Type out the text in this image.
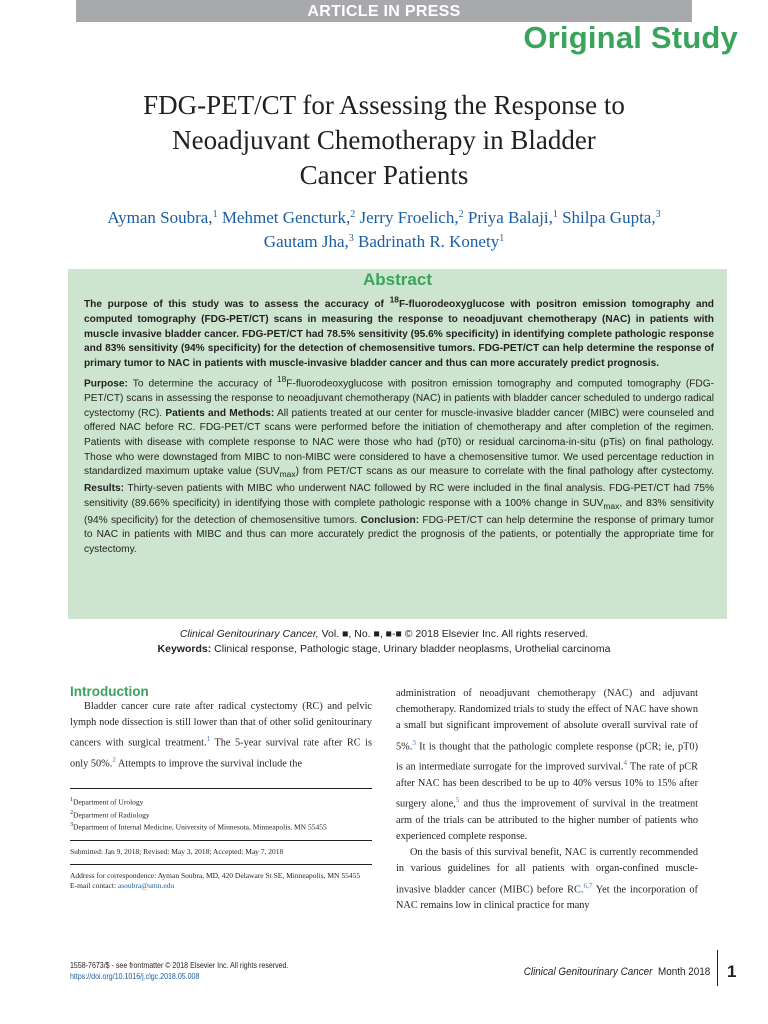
ARTICLE IN PRESS
Original Study
FDG-PET/CT for Assessing the Response to
Neoadjuvant Chemotherapy in Bladder
Cancer Patients
Ayman Soubra,$^1$ Mehmet Gencturk,$^2$ Jerry Froelich,$^2$ Priya Balaji,$^1$ Shilpa Gupta,$^3$
Gautam Jha,$^3$ Badrinath R. Konety$^1$
Abstract
The purpose of this study was to assess the accuracy of $^{18}$F-fluorodeoxyglucose with positron emission tomography and computed tomography (FDG-PET/CT) scans in measuring the response to neoadjuvant chemotherapy (NAC) in patients with muscle invasive bladder cancer. FDG-PET/CT had 78.5% sensitivity (95.6% specificity) in identifying complete pathologic response and 83% sensitivity (94% specificity) for the detection of chemosensitive tumors. FDG-PET/CT can help determine the response of primary tumor to NAC in patients with muscle-invasive bladder cancer and thus can more accurately predict prognosis.
Purpose: To determine the accuracy of $^{18}$F-fluorodeoxyglucose with positron emission tomography and computed tomography (FDG-PET/CT) scans in assessing the response to neoadjuvant chemotherapy (NAC) in patients with bladder cancer scheduled to undergo radical cystectomy (RC). Patients and Methods: All patients treated at our center for muscle-invasive bladder cancer (MIBC) were counseled and offered NAC before RC. FDG-PET/CT scans were performed before the initiation of chemotherapy and after completion of the regimen. Patients with disease with complete response to NAC were those who had (pT0) or residual carcinoma-in-situ (pTis) on final pathology. Those who were downstaged from MIBC to non-MIBC were considered to have a chemosensitive tumor. We used percentage reduction in standardized maximum uptake value $(SUV_{max})$ from PET/CT scans as our measure to correlate with the final pathology after cystectomy. Results: Thirty-seven patients with MIBC who underwent NAC followed by RC were included in the final analysis. FDG-PET/CT had 75% sensitivity (89.66% specificity) in identifying those with complete pathologic response with a 100% change in $SUV_{max}$, and 83% sensitivity (94% specificity) for the detection of chemosensitive tumors. Conclusion: FDG-PET/CT can help determine the response of primary tumor to NAC in patients with MIBC and thus can more accurately predict the prognosis of the patients, or potentially the appropriate time for cystectomy.
Clinical Genitourinary Cancer, Vol. ■, No. ■, ■-■ © 2018 Elsevier Inc. All rights reserved.
Keywords: Clinical response, Pathologic stage, Urinary bladder neoplasms, Urothelial carcinoma
Introduction

Bladder cancer cure rate after radical cystectomy (RC) and pelvic lymph node dissection is still lower than that of other solid genitourinary cancers with surgical treatment.$^1$ The 5-year survival rate after RC is only 50%.$^2$ Attempts to improve the survival include the

$^1$Department of Urology
$^2$Department of Radiology
$^3$Department of Internal Medicine, University of Minnesota, Minneapolis, MN 55455
Submitted: Jan 9, 2018; Revised: May 3, 2018; Accepted: May 7, 2018
Address for correspondence: Ayman Soubra, MD, 420 Delaware St SE, Minneapolis, MN 55455
E-mail contact: asoubra@umn.edu

administration of neoadjuvant chemotherapy (NAC) and adjuvant chemotherapy. Randomized trials to study the effect of NAC have shown a small but significant improvement of absolute overall survival rate of 5%.$^3$ It is thought that the pathologic complete response (pCR; ie, pT0) is an intermediate surrogate for the improved survival.$^4$ The rate of pCR after NAC has been described to be up to 40% versus 10% to 15% after surgery alone,$^5$ and thus the improvement of survival in the treatment arm of the trials can be attributed to the higher number of patients who experienced complete response.

On the basis of this survival benefit, NAC is currently recommended in various guidelines for all patients with organ-confined muscle-invasive bladder cancer (MIBC) before RC.$^{6,7}$ Yet the incorporation of NAC remains low in clinical practice for many

1558-7673/$ - see frontmatter © 2018 Elsevier Inc. All rights reserved.
https://doi.org/10.1016/j.clgc.2018.05.008	Clinical Genitourinary Cancer Month 2018 1
